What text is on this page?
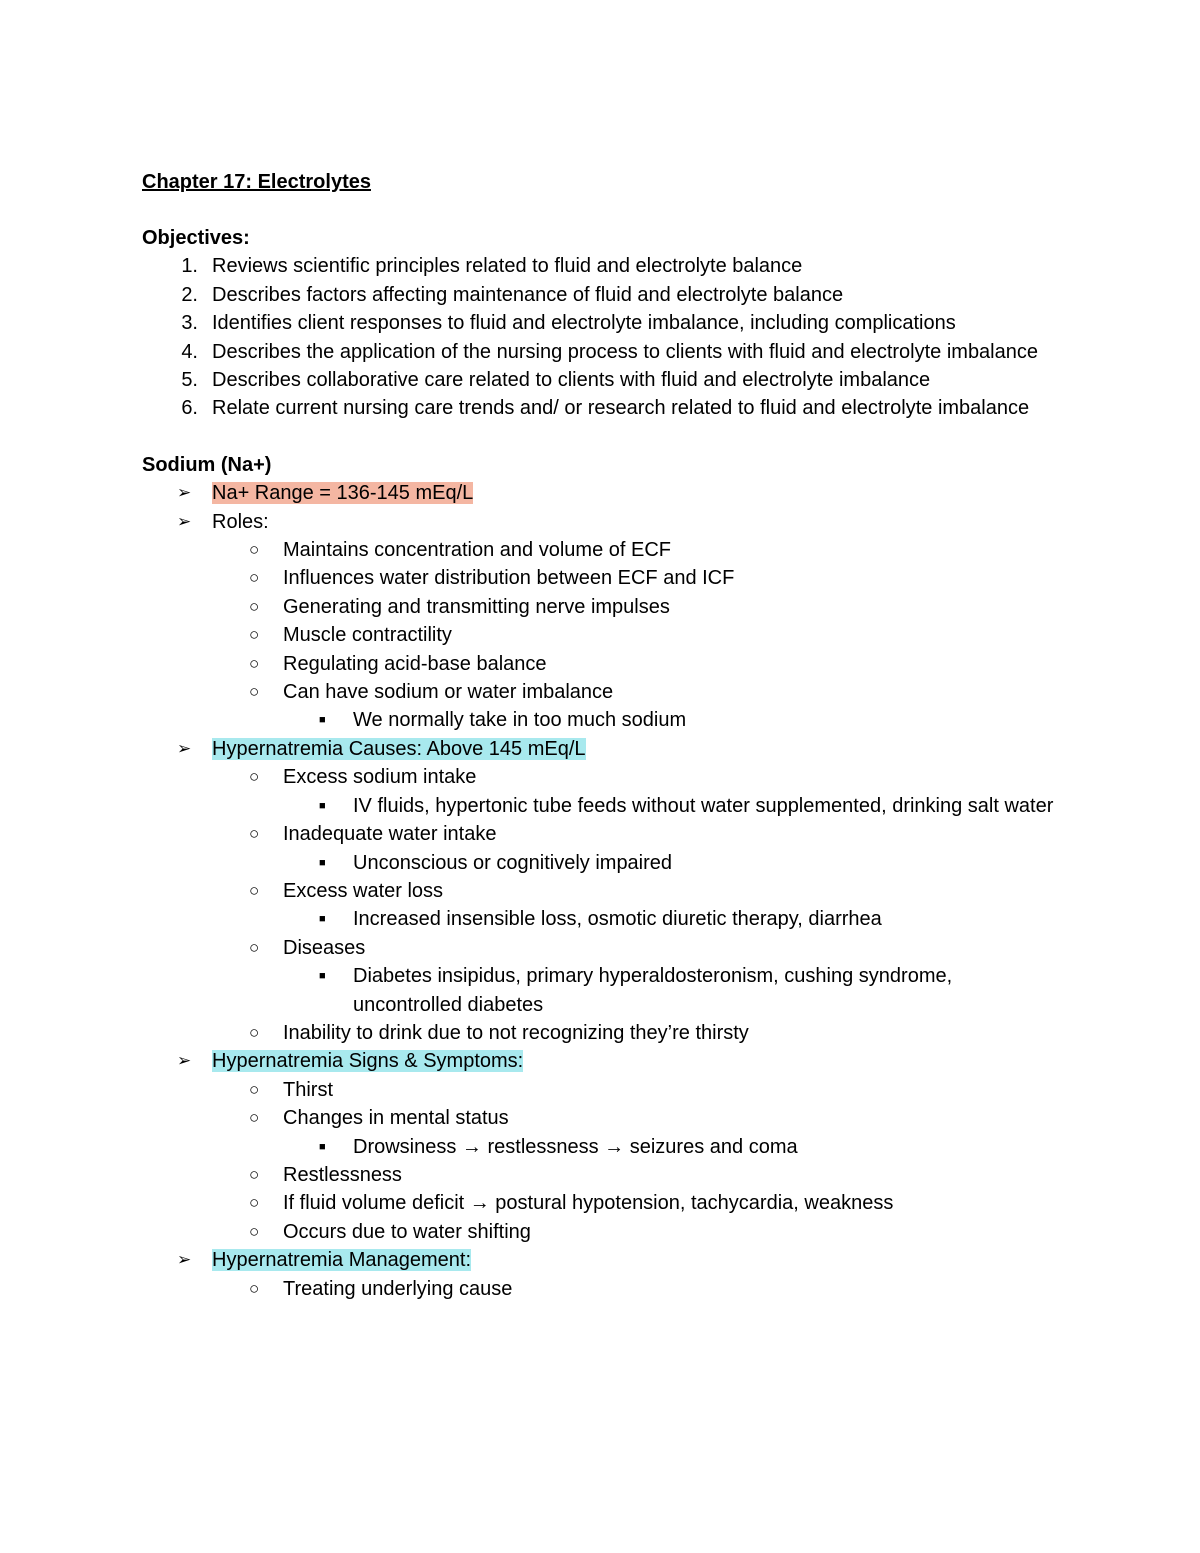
Chapter 17: Electrolytes
Objectives:
1. Reviews scientific principles related to fluid and electrolyte balance
2. Describes factors affecting maintenance of fluid and electrolyte balance
3. Identifies client responses to fluid and electrolyte imbalance, including complications
4. Describes the application of the nursing process to clients with fluid and electrolyte imbalance
5. Describes collaborative care related to clients with fluid and electrolyte imbalance
6. Relate current nursing care trends and/ or research related to fluid and electrolyte imbalance
Sodium (Na+)
➢ Na+ Range = 136-145 mEq/L
➢ Roles:
○ Maintains concentration and volume of ECF
○ Influences water distribution between ECF and ICF
○ Generating and transmitting nerve impulses
○ Muscle contractility
○ Regulating acid-base balance
○ Can have sodium or water imbalance
■ We normally take in too much sodium
➢ Hypernatremia Causes: Above 145 mEq/L
○ Excess sodium intake
■ IV fluids, hypertonic tube feeds without water supplemented, drinking salt water
○ Inadequate water intake
■ Unconscious or cognitively impaired
○ Excess water loss
■ Increased insensible loss, osmotic diuretic therapy, diarrhea
○ Diseases
■ Diabetes insipidus, primary hyperaldosteronism, cushing syndrome, uncontrolled diabetes
○ Inability to drink due to not recognizing they’re thirsty
➢ Hypernatremia Signs & Symptoms:
○ Thirst
○ Changes in mental status
■ Drowsiness → restlessness → seizures and coma
○ Restlessness
○ If fluid volume deficit → postural hypotension, tachycardia, weakness
○ Occurs due to water shifting
➢ Hypernatremia Management:
○ Treating underlying cause
